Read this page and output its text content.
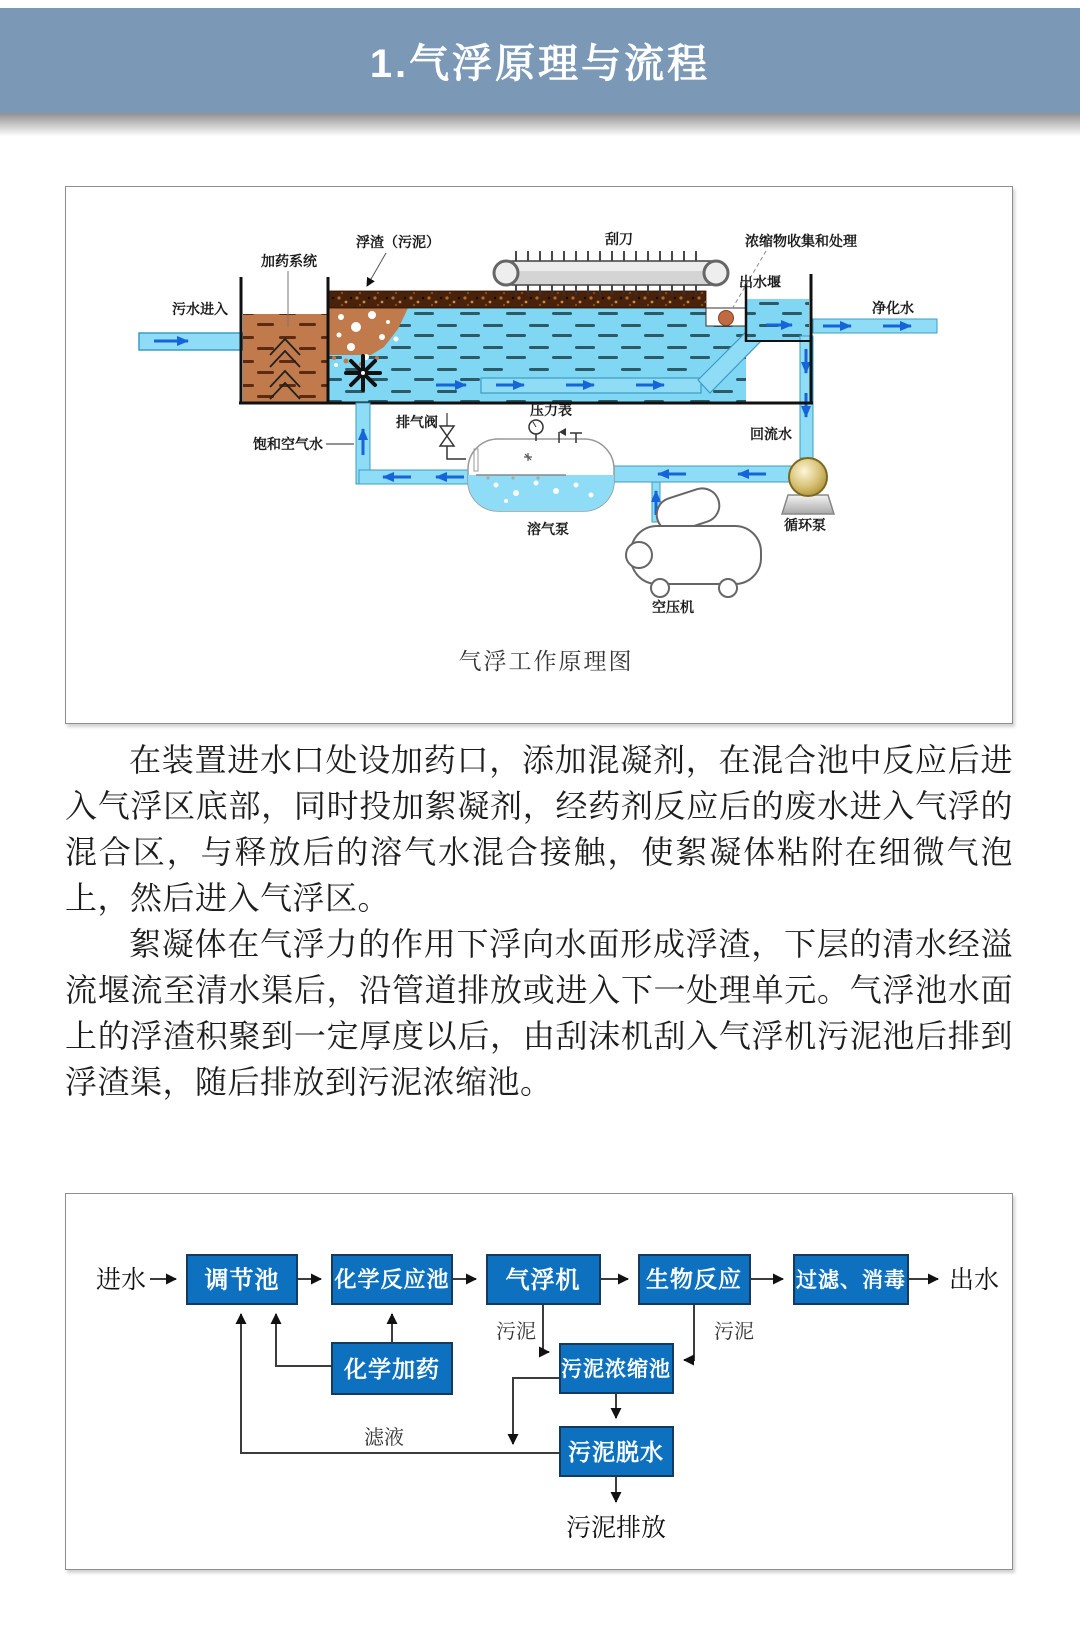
1.气浮原理与流程
污水进入
加药系统
浮渣（污泥）	刮刀	浓缩物收集和处理
出水堰
净化水
饱和空气水
排气阀
压力表
溶气泵
空压机
回流水
循环泵
气浮工作原理图

在装置进水口处设加药口，添加混凝剂，在混合池中反应后进入气浮区底部，同时投加絮凝剂，经药剂反应后的废水进入气浮的混合区，与释放后的溶气水混合接触，使絮凝体粘附在细微气泡上，然后进入气浮区。

絮凝体在气浮力的作用下浮向水面形成浮渣，下层的清水经溢流堰流至清水渠后，沿管道排放或进入下一处理单元。气浮池水面上的浮渣积聚到一定厚度以后，由刮沫机刮入气浮机污泥池后排到浮渣渠，随后排放到污泥浓缩池。

调节池 化学反应池 气浮机	生物反应	过滤、消毒
化学加药	污泥浓缩池
污泥脱水
进水	出水
污泥	污泥
滤液
污泥排放
